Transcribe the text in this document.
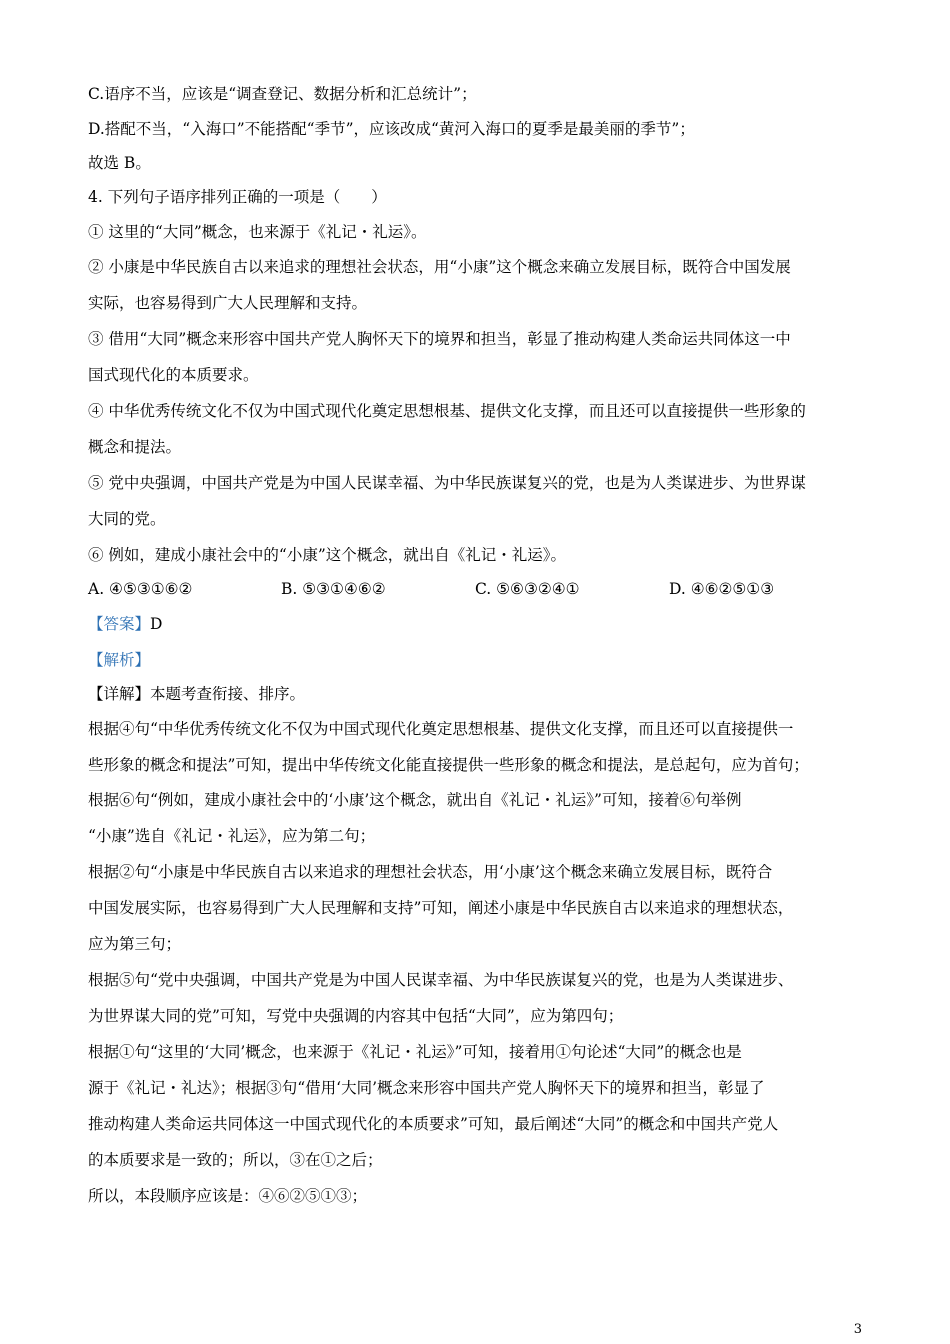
C.语序不当，应该是“调查登记、数据分析和汇总统计”；
D.搭配不当，“入海口”不能搭配“季节”，应该改成“黄河入海口的夏季是最美丽的季节”；
故选 B。
4. 下列句子语序排列正确的一项是（　　）
① 这里的“大同”概念，也来源于《礼记・礼运》。
② 小康是中华民族自古以来追求的理想社会状态，用“小康”这个概念来确立发展目标，既符合中国发展
实际，也容易得到广大人民理解和支持。
③ 借用“大同”概念来形容中国共产党人胸怀天下的境界和担当，彰显了推动构建人类命运共同体这一中
国式现代化的本质要求。
④ 中华优秀传统文化不仅为中国式现代化奠定思想根基、提供文化支撑，而且还可以直接提供一些形象的
概念和提法。
⑤ 党中央强调，中国共产党是为中国人民谋幸福、为中华民族谋复兴的党，也是为人类谋进步、为世界谋
大同的党。
⑥ 例如，建成小康社会中的“小康”这个概念，就出自《礼记・礼运》。
A. ④⑤③①⑥②	B. ⑤③①④⑥②	C. ⑤⑥③②④①	D. ④⑥②⑤①③
【答案】D
【解析】
【详解】本题考查衔接、排序。
根据④句“中华优秀传统文化不仅为中国式现代化奠定思想根基、提供文化支撑，而且还可以直接提供一
些形象的概念和提法”可知，提出中华传统文化能直接提供一些形象的概念和提法，是总起句，应为首句；
根据⑥句“例如，建成小康社会中的‘小康’这个概念，就出自《礼记・礼运》”可知，接着⑥句举例
“小康”选自《礼记・礼运》，应为第二句；
根据②句“小康是中华民族自古以来追求的理想社会状态，用‘小康’这个概念来确立发展目标，既符合
中国发展实际，也容易得到广大人民理解和支持”可知，阐述小康是中华民族自古以来追求的理想状态，
应为第三句；
根据⑤句“党中央强调，中国共产党是为中国人民谋幸福、为中华民族谋复兴的党，也是为人类谋进步、
为世界谋大同的党”可知，写党中央强调的内容其中包括“大同”，应为第四句；
根据①句“这里的‘大同’概念，也来源于《礼记・礼运》”可知，接着用①句论述“大同”的概念也是
源于《礼记・礼达》；根据③句“借用‘大同’概念来形容中国共产党人胸怀天下的境界和担当，彰显了
推动构建人类命运共同体这一中国式现代化的本质要求”可知，最后阐述“大同”的概念和中国共产党人
的本质要求是一致的；所以，③在①之后；
所以，本段顺序应该是：④⑥②⑤①③；
3
